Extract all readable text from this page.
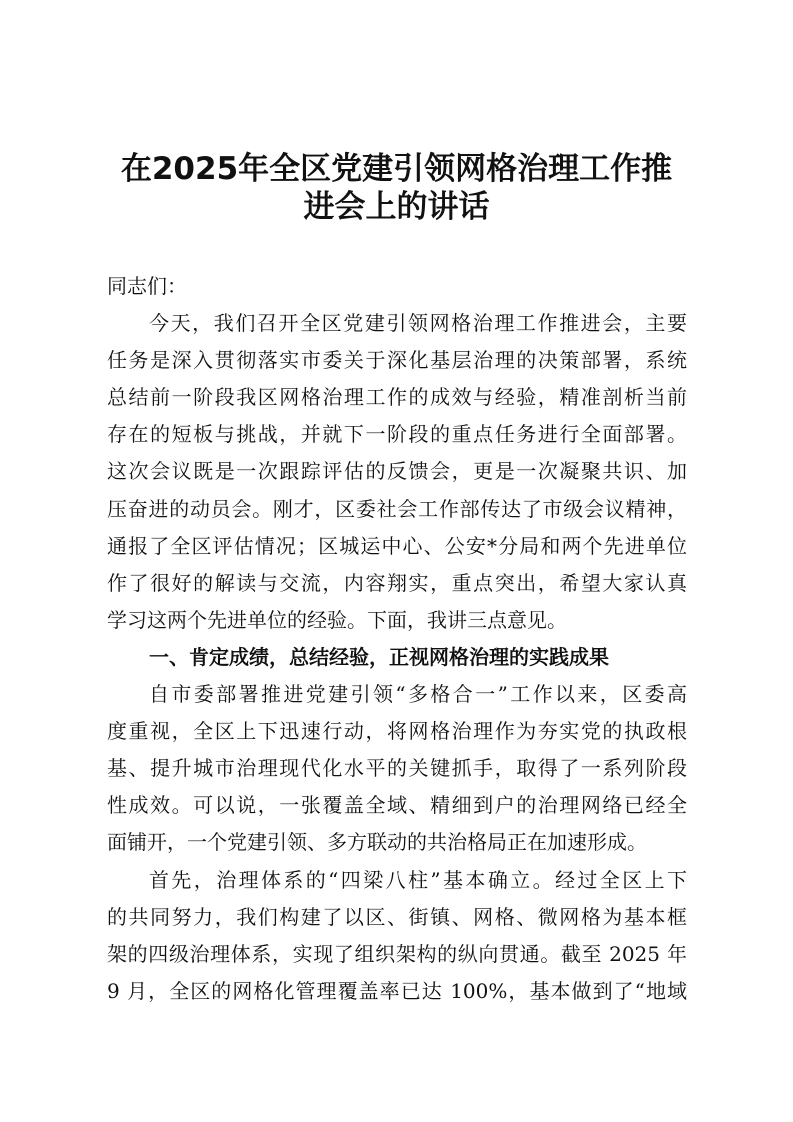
在2025年全区党建引领网格治理工作推
进会上的讲话
同志们：
今天，我们召开全区党建引领网格治理工作推进会，主要
任务是深入贯彻落实市委关于深化基层治理的决策部署，系统
总结前一阶段我区网格治理工作的成效与经验，精准剖析当前
存在的短板与挑战，并就下一阶段的重点任务进行全面部署。
这次会议既是一次跟踪评估的反馈会，更是一次凝聚共识、加
压奋进的动员会。刚才，区委社会工作部传达了市级会议精神，
通报了全区评估情况；区城运中心、公安*分局和两个先进单位
作了很好的解读与交流，内容翔实，重点突出，希望大家认真
学习这两个先进单位的经验。下面，我讲三点意见。
一、肯定成绩，总结经验，正视网格治理的实践成果
自市委部署推进党建引领“多格合一”工作以来，区委高
度重视，全区上下迅速行动，将网格治理作为夯实党的执政根
基、提升城市治理现代化水平的关键抓手，取得了一系列阶段
性成效。可以说，一张覆盖全域、精细到户的治理网络已经全
面铺开，一个党建引领、多方联动的共治格局正在加速形成。
首先，治理体系的“四梁八柱”基本确立。经过全区上下
的共同努力，我们构建了以区、街镇、网格、微网格为基本框
架的四级治理体系，实现了组织架构的纵向贯通。截至 2025 年
9 月，全区的网格化管理覆盖率已达 100%，基本做到了“地域
